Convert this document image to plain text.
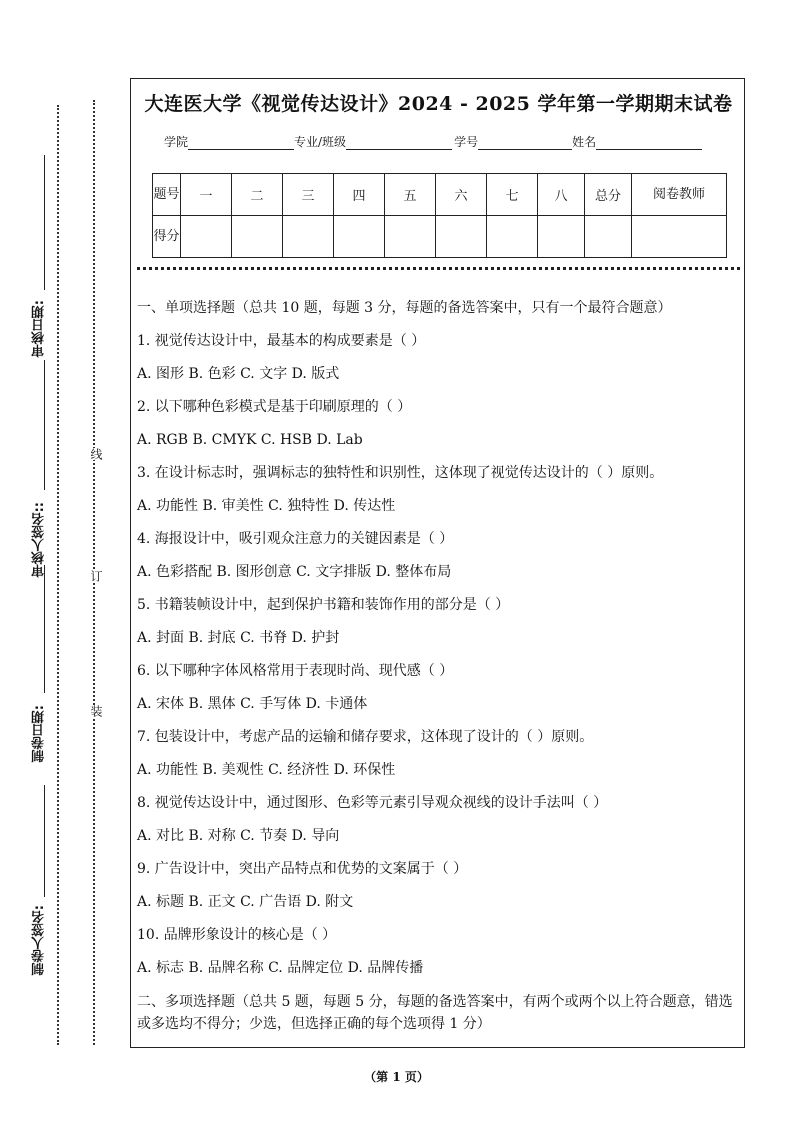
制卷人签名:
制卷日期:
审核人签名::
审核日期:
线
订
装
大连医大学《视觉传达设计》2024 - 2025 学年第一学期期末试卷
学院	专业/班级	学号	姓名
题号	一	二	三	四	五	六	七	八	总分	阅卷教师
得分										

一、单项选择题（总共 10 题，每题 3 分，每题的备选答案中，只有一个最符合题意）

1. 视觉传达设计中，最基本的构成要素是（ ）

A. 图形 B. 色彩 C. 文字 D. 版式

2. 以下哪种色彩模式是基于印刷原理的（ ）

A. RGB B. CMYK C. HSB D. Lab

3. 在设计标志时，强调标志的独特性和识别性，这体现了视觉传达设计的（ ）原则。

A. 功能性 B. 审美性 C. 独特性 D. 传达性

4. 海报设计中，吸引观众注意力的关键因素是（ ）

A. 色彩搭配 B. 图形创意 C. 文字排版 D. 整体布局

5. 书籍装帧设计中，起到保护书籍和装饰作用的部分是（ ）

A. 封面 B. 封底 C. 书脊 D. 护封

6. 以下哪种字体风格常用于表现时尚、现代感（ ）

A. 宋体 B. 黑体 C. 手写体 D. 卡通体

7. 包装设计中，考虑产品的运输和储存要求，这体现了设计的（ ）原则。

A. 功能性 B. 美观性 C. 经济性 D. 环保性

8. 视觉传达设计中，通过图形、色彩等元素引导观众视线的设计手法叫（ ）

A. 对比 B. 对称 C. 节奏 D. 导向

9. 广告设计中，突出产品特点和优势的文案属于（ ）

A. 标题 B. 正文 C. 广告语 D. 附文

10. 品牌形象设计的核心是（ ）

A. 标志 B. 品牌名称 C. 品牌定位 D. 品牌传播

二、多项选择题（总共 5 题，每题 5 分，每题的备选答案中，有两个或两个以上符合题意，错选或多选均不得分；少选，但选择正确的每个选项得 1 分）

（第 1 页）
